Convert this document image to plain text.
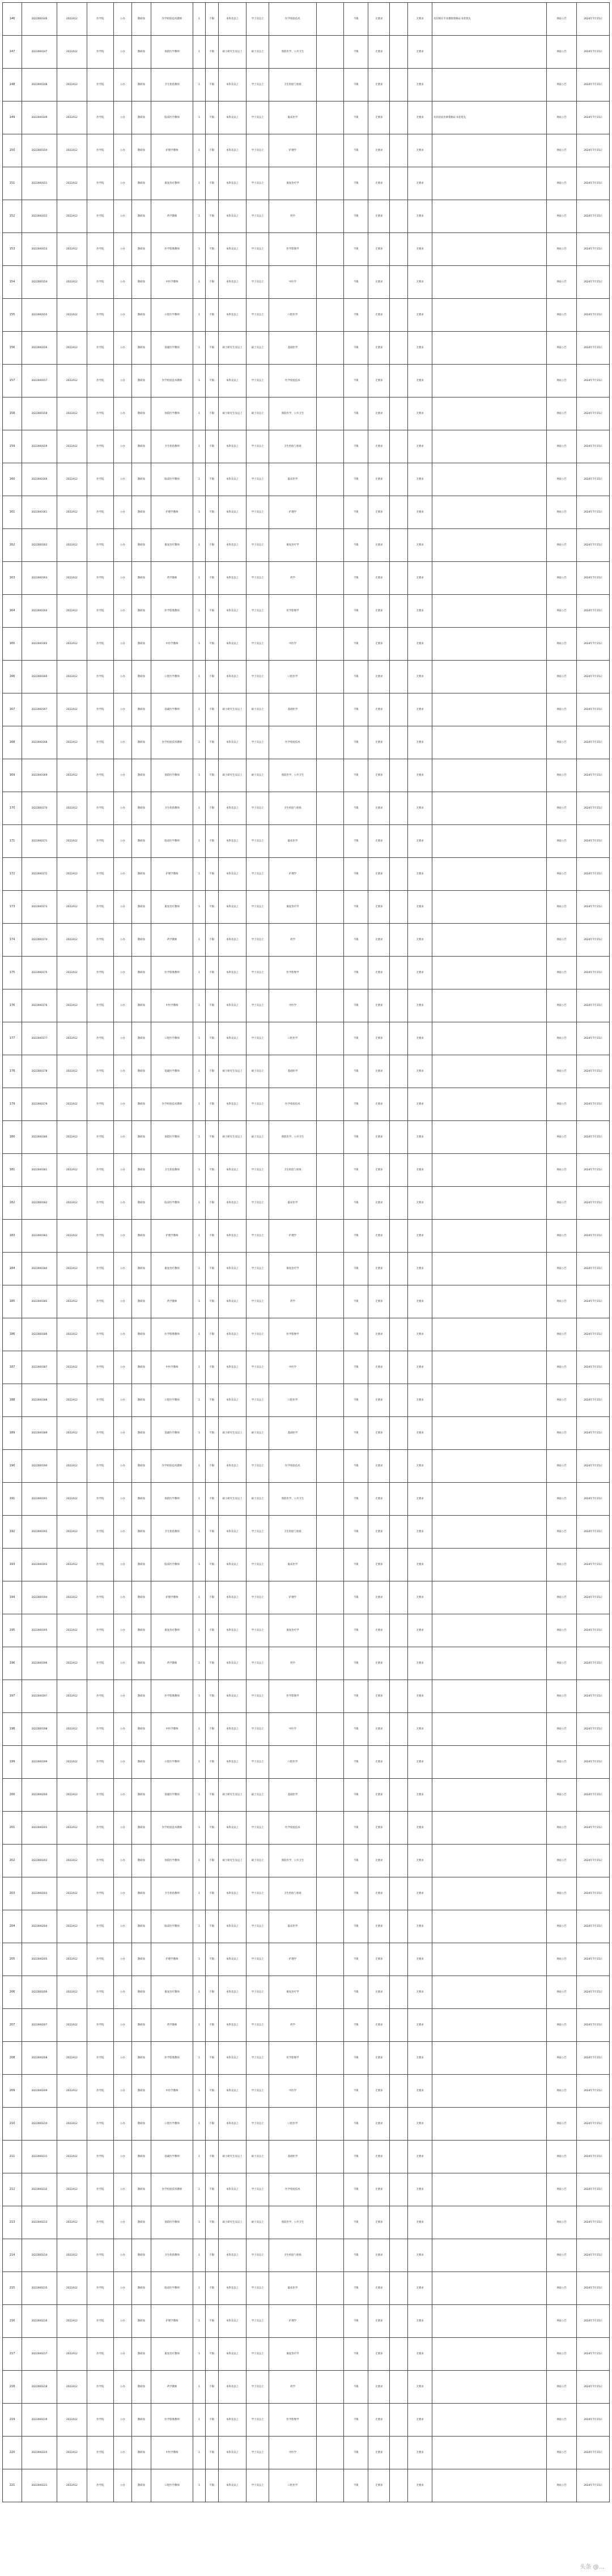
146	2022000146	2022A12	医学院	公办	教研岗	医学检验技术教师	1	不限	本科及以上	学士及以上	医学检验技术		不限	无要求		无要求	具有相应专业教师资格证书者优先	网站公告	2024年7月15日
147	2022000147	2022A12	医学院	公办	教研岗	预防医学教师	1	不限	硕士研究生及以上	硕士及以上	预防医学、公共卫生		不限	无要求		无要求		网站公告	2024年7月15日
148	2022000148	2022A12	医学院	公办	教研岗	卫生检验教师	1	不限	本科及以上	学士及以上	卫生检验与检疫		不限	无要求		无要求		网站公告	2024年7月15日
149	2022000149	2022A12	医学院	公办	教研岗	临床医学教师	1	不限	本科及以上	学士及以上	临床医学		不限	无要求		无要求	具有执业医师资格证书者优先	网站公告	2024年7月15日
150	2022000150	2022A12	医学院	公办	教研岗	护理学教师	1	不限	本科及以上	学士及以上	护理学		不限	无要求		无要求		网站公告	2024年7月15日
151	2022000151	2022A12	医学院	公办	教研岗	康复治疗教师	1	不限	本科及以上	学士及以上	康复治疗学		不限	无要求		无要求		网站公告	2024年7月15日
152	2022000152	2022A12	医学院	公办	教研岗	药学教师	1	不限	本科及以上	学士及以上	药学		不限	无要求		无要求		网站公告	2024年7月15日
153	2022000153	2022A12	医学院	公办	教研岗	医学影像教师	1	不限	本科及以上	学士及以上	医学影像学		不限	无要求		无要求		网站公告	2024年7月15日
154	2022000154	2022A12	医学院	公办	教研岗	中医学教师	1	不限	本科及以上	学士及以上	中医学		不限	无要求		无要求		网站公告	2024年7月15日
155	2022000155	2022A12	医学院	公办	教研岗	口腔医学教师	1	不限	本科及以上	学士及以上	口腔医学		不限	无要求		无要求		网站公告	2024年7月15日
156	2022000156	2022A12	医学院	公办	教研岗	基础医学教师	1	不限	硕士研究生及以上	硕士及以上	基础医学		不限	无要求		无要求		网站公告	2024年7月15日
157	2022000157	2022A12	医学院	公办	教研岗	医学检验技术教师	1	不限	本科及以上	学士及以上	医学检验技术		不限	无要求		无要求		网站公告	2024年7月15日
158	2022000158	2022A12	医学院	公办	教研岗	预防医学教师	1	不限	硕士研究生及以上	硕士及以上	预防医学、公共卫生		不限	无要求		无要求		网站公告	2024年7月15日
159	2022000159	2022A12	医学院	公办	教研岗	卫生检验教师	1	不限	本科及以上	学士及以上	卫生检验与检疫		不限	无要求		无要求		网站公告	2024年7月15日
160	2022000160	2022A12	医学院	公办	教研岗	临床医学教师	1	不限	本科及以上	学士及以上	临床医学		不限	无要求		无要求		网站公告	2024年7月15日
161	2022000161	2022A12	医学院	公办	教研岗	护理学教师	1	不限	本科及以上	学士及以上	护理学		不限	无要求		无要求		网站公告	2024年7月15日
162	2022000162	2022A12	医学院	公办	教研岗	康复治疗教师	1	不限	本科及以上	学士及以上	康复治疗学		不限	无要求		无要求		网站公告	2024年7月15日
163	2022000163	2022A12	医学院	公办	教研岗	药学教师	1	不限	本科及以上	学士及以上	药学		不限	无要求		无要求		网站公告	2024年7月15日
164	2022000164	2022A12	医学院	公办	教研岗	医学影像教师	1	不限	本科及以上	学士及以上	医学影像学		不限	无要求		无要求		网站公告	2024年7月15日
165	2022000165	2022A12	医学院	公办	教研岗	中医学教师	1	不限	本科及以上	学士及以上	中医学		不限	无要求		无要求		网站公告	2024年7月15日
166	2022000166	2022A12	医学院	公办	教研岗	口腔医学教师	1	不限	本科及以上	学士及以上	口腔医学		不限	无要求		无要求		网站公告	2024年7月15日
167	2022000167	2022A12	医学院	公办	教研岗	基础医学教师	1	不限	硕士研究生及以上	硕士及以上	基础医学		不限	无要求		无要求		网站公告	2024年7月15日
168	2022000168	2022A12	医学院	公办	教研岗	医学检验技术教师	1	不限	本科及以上	学士及以上	医学检验技术		不限	无要求		无要求		网站公告	2024年7月15日
169	2022000169	2022A12	医学院	公办	教研岗	预防医学教师	1	不限	硕士研究生及以上	硕士及以上	预防医学、公共卫生		不限	无要求		无要求		网站公告	2024年7月15日
170	2022000170	2022A12	医学院	公办	教研岗	卫生检验教师	1	不限	本科及以上	学士及以上	卫生检验与检疫		不限	无要求		无要求		网站公告	2024年7月15日
171	2022000171	2022A12	医学院	公办	教研岗	临床医学教师	1	不限	本科及以上	学士及以上	临床医学		不限	无要求		无要求		网站公告	2024年7月15日
172	2022000172	2022A12	医学院	公办	教研岗	护理学教师	1	不限	本科及以上	学士及以上	护理学		不限	无要求		无要求		网站公告	2024年7月15日
173	2022000173	2022A12	医学院	公办	教研岗	康复治疗教师	1	不限	本科及以上	学士及以上	康复治疗学		不限	无要求		无要求		网站公告	2024年7月15日
174	2022000174	2022A12	医学院	公办	教研岗	药学教师	1	不限	本科及以上	学士及以上	药学		不限	无要求		无要求		网站公告	2024年7月15日
175	2022000175	2022A12	医学院	公办	教研岗	医学影像教师	1	不限	本科及以上	学士及以上	医学影像学		不限	无要求		无要求		网站公告	2024年7月15日
176	2022000176	2022A12	医学院	公办	教研岗	中医学教师	1	不限	本科及以上	学士及以上	中医学		不限	无要求		无要求		网站公告	2024年7月15日
177	2022000177	2022A12	医学院	公办	教研岗	口腔医学教师	1	不限	本科及以上	学士及以上	口腔医学		不限	无要求		无要求		网站公告	2024年7月15日
178	2022000178	2022A12	医学院	公办	教研岗	基础医学教师	1	不限	硕士研究生及以上	硕士及以上	基础医学		不限	无要求		无要求		网站公告	2024年7月15日
179	2022000179	2022A12	医学院	公办	教研岗	医学检验技术教师	1	不限	本科及以上	学士及以上	医学检验技术		不限	无要求		无要求		网站公告	2024年7月15日
180	2022000180	2022A12	医学院	公办	教研岗	预防医学教师	1	不限	硕士研究生及以上	硕士及以上	预防医学、公共卫生		不限	无要求		无要求		网站公告	2024年7月15日
181	2022000181	2022A12	医学院	公办	教研岗	卫生检验教师	1	不限	本科及以上	学士及以上	卫生检验与检疫		不限	无要求		无要求		网站公告	2024年7月15日
182	2022000182	2022A12	医学院	公办	教研岗	临床医学教师	1	不限	本科及以上	学士及以上	临床医学		不限	无要求		无要求		网站公告	2024年7月15日
183	2022000183	2022A12	医学院	公办	教研岗	护理学教师	1	不限	本科及以上	学士及以上	护理学		不限	无要求		无要求		网站公告	2024年7月15日
184	2022000184	2022A12	医学院	公办	教研岗	康复治疗教师	1	不限	本科及以上	学士及以上	康复治疗学		不限	无要求		无要求		网站公告	2024年7月15日
185	2022000185	2022A12	医学院	公办	教研岗	药学教师	1	不限	本科及以上	学士及以上	药学		不限	无要求		无要求		网站公告	2024年7月15日
186	2022000186	2022A12	医学院	公办	教研岗	医学影像教师	1	不限	本科及以上	学士及以上	医学影像学		不限	无要求		无要求		网站公告	2024年7月15日
187	2022000187	2022A12	医学院	公办	教研岗	中医学教师	1	不限	本科及以上	学士及以上	中医学		不限	无要求		无要求		网站公告	2024年7月15日
188	2022000188	2022A12	医学院	公办	教研岗	口腔医学教师	1	不限	本科及以上	学士及以上	口腔医学		不限	无要求		无要求		网站公告	2024年7月15日
189	2022000189	2022A12	医学院	公办	教研岗	基础医学教师	1	不限	硕士研究生及以上	硕士及以上	基础医学		不限	无要求		无要求		网站公告	2024年7月15日
190	2022000190	2022A12	医学院	公办	教研岗	医学检验技术教师	1	不限	本科及以上	学士及以上	医学检验技术		不限	无要求		无要求		网站公告	2024年7月15日
191	2022000191	2022A12	医学院	公办	教研岗	预防医学教师	1	不限	硕士研究生及以上	硕士及以上	预防医学、公共卫生		不限	无要求		无要求		网站公告	2024年7月15日
192	2022000192	2022A12	医学院	公办	教研岗	卫生检验教师	1	不限	本科及以上	学士及以上	卫生检验与检疫		不限	无要求		无要求		网站公告	2024年7月15日
193	2022000193	2022A12	医学院	公办	教研岗	临床医学教师	1	不限	本科及以上	学士及以上	临床医学		不限	无要求		无要求		网站公告	2024年7月15日
194	2022000194	2022A12	医学院	公办	教研岗	护理学教师	1	不限	本科及以上	学士及以上	护理学		不限	无要求		无要求		网站公告	2024年7月15日
195	2022000195	2022A12	医学院	公办	教研岗	康复治疗教师	1	不限	本科及以上	学士及以上	康复治疗学		不限	无要求		无要求		网站公告	2024年7月15日
196	2022000196	2022A12	医学院	公办	教研岗	药学教师	1	不限	本科及以上	学士及以上	药学		不限	无要求		无要求		网站公告	2024年7月15日
197	2022000197	2022A12	医学院	公办	教研岗	医学影像教师	1	不限	本科及以上	学士及以上	医学影像学		不限	无要求		无要求		网站公告	2024年7月15日
198	2022000198	2022A12	医学院	公办	教研岗	中医学教师	1	不限	本科及以上	学士及以上	中医学		不限	无要求		无要求		网站公告	2024年7月15日
199	2022000199	2022A12	医学院	公办	教研岗	口腔医学教师	1	不限	本科及以上	学士及以上	口腔医学		不限	无要求		无要求		网站公告	2024年7月15日
200	2022000200	2022A12	医学院	公办	教研岗	基础医学教师	1	不限	硕士研究生及以上	硕士及以上	基础医学		不限	无要求		无要求		网站公告	2024年7月15日
201	2022000201	2022A12	医学院	公办	教研岗	医学检验技术教师	1	不限	本科及以上	学士及以上	医学检验技术		不限	无要求		无要求		网站公告	2024年7月15日
202	2022000202	2022A12	医学院	公办	教研岗	预防医学教师	1	不限	硕士研究生及以上	硕士及以上	预防医学、公共卫生		不限	无要求		无要求		网站公告	2024年7月15日
203	2022000203	2022A12	医学院	公办	教研岗	卫生检验教师	1	不限	本科及以上	学士及以上	卫生检验与检疫		不限	无要求		无要求		网站公告	2024年7月15日
204	2022000204	2022A12	医学院	公办	教研岗	临床医学教师	1	不限	本科及以上	学士及以上	临床医学		不限	无要求		无要求		网站公告	2024年7月15日
205	2022000205	2022A12	医学院	公办	教研岗	护理学教师	1	不限	本科及以上	学士及以上	护理学		不限	无要求		无要求		网站公告	2024年7月15日
206	2022000206	2022A12	医学院	公办	教研岗	康复治疗教师	1	不限	本科及以上	学士及以上	康复治疗学		不限	无要求		无要求		网站公告	2024年7月15日
207	2022000207	2022A12	医学院	公办	教研岗	药学教师	1	不限	本科及以上	学士及以上	药学		不限	无要求		无要求		网站公告	2024年7月15日
208	2022000208	2022A12	医学院	公办	教研岗	医学影像教师	1	不限	本科及以上	学士及以上	医学影像学		不限	无要求		无要求		网站公告	2024年7月15日
209	2022000209	2022A12	医学院	公办	教研岗	中医学教师	1	不限	本科及以上	学士及以上	中医学		不限	无要求		无要求		网站公告	2024年7月15日
210	2022000210	2022A12	医学院	公办	教研岗	口腔医学教师	1	不限	本科及以上	学士及以上	口腔医学		不限	无要求		无要求		网站公告	2024年7月15日
211	2022000211	2022A12	医学院	公办	教研岗	基础医学教师	1	不限	硕士研究生及以上	硕士及以上	基础医学		不限	无要求		无要求		网站公告	2024年7月15日
212	2022000212	2022A12	医学院	公办	教研岗	医学检验技术教师	1	不限	本科及以上	学士及以上	医学检验技术		不限	无要求		无要求		网站公告	2024年7月15日
213	2022000213	2022A12	医学院	公办	教研岗	预防医学教师	1	不限	硕士研究生及以上	硕士及以上	预防医学、公共卫生		不限	无要求		无要求		网站公告	2024年7月15日
214	2022000214	2022A12	医学院	公办	教研岗	卫生检验教师	1	不限	本科及以上	学士及以上	卫生检验与检疫		不限	无要求		无要求		网站公告	2024年7月15日
215	2022000215	2022A12	医学院	公办	教研岗	临床医学教师	1	不限	本科及以上	学士及以上	临床医学		不限	无要求		无要求		网站公告	2024年7月15日
216	2022000216	2022A12	医学院	公办	教研岗	护理学教师	1	不限	本科及以上	学士及以上	护理学		不限	无要求		无要求		网站公告	2024年7月15日
217	2022000217	2022A12	医学院	公办	教研岗	康复治疗教师	1	不限	本科及以上	学士及以上	康复治疗学		不限	无要求		无要求		网站公告	2024年7月15日
218	2022000218	2022A12	医学院	公办	教研岗	药学教师	1	不限	本科及以上	学士及以上	药学		不限	无要求		无要求		网站公告	2024年7月15日
219	2022000219	2022A12	医学院	公办	教研岗	医学影像教师	1	不限	本科及以上	学士及以上	医学影像学		不限	无要求		无要求		网站公告	2024年7月15日
220	2022000220	2022A12	医学院	公办	教研岗	中医学教师	1	不限	本科及以上	学士及以上	中医学		不限	无要求		无要求		网站公告	2024年7月15日
221	2022000221	2022A12	医学院	公办	教研岗	口腔医学教师	1	不限	本科及以上	学士及以上	口腔医学		不限	无要求		无要求		网站公告	2024年7月15日
头条 @...
